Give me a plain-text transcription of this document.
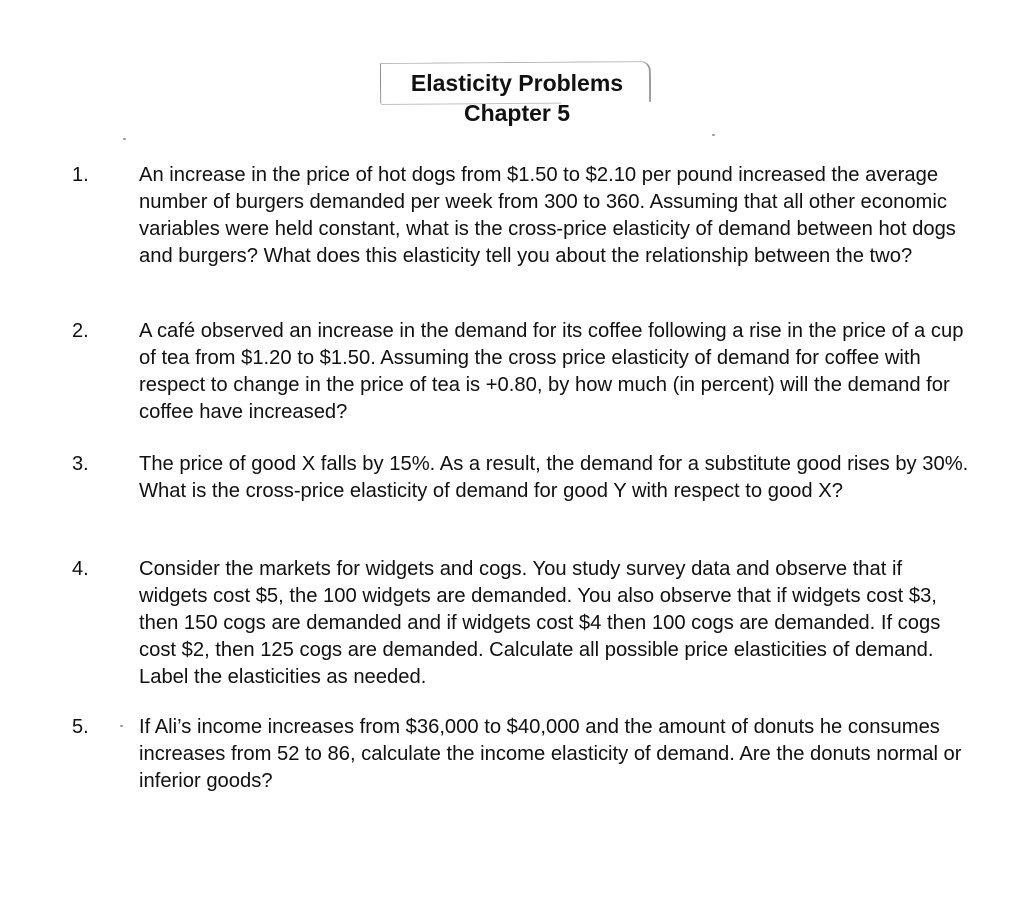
Elasticity Problems
Chapter 5
1. An increase in the price of hot dogs from $1.50 to $2.10 per pound increased the average number of burgers demanded per week from 300 to 360. Assuming that all other economic variables were held constant, what is the cross-price elasticity of demand between hot dogs and burgers? What does this elasticity tell you about the relationship between the two?

2. A café observed an increase in the demand for its coffee following a rise in the price of a cup of tea from $1.20 to $1.50. Assuming the cross price elasticity of demand for coffee with respect to change in the price of tea is +0.80, by how much (in percent) will the demand for coffee have increased?

3. The price of good X falls by 15%. As a result, the demand for a substitute good rises by 30%. What is the cross-price elasticity of demand for good Y with respect to good X?

4. Consider the markets for widgets and cogs. You study survey data and observe that if widgets cost $5, the 100 widgets are demanded. You also observe that if widgets cost $3, then 150 cogs are demanded and if widgets cost $4 then 100 cogs are demanded. If cogs cost $2, then 125 cogs are demanded. Calculate all possible price elasticities of demand. Label the elasticities as needed.

5. If Ali’s income increases from $36,000 to $40,000 and the amount of donuts he consumes increases from 52 to 86, calculate the income elasticity of demand. Are the donuts normal or inferior goods?
